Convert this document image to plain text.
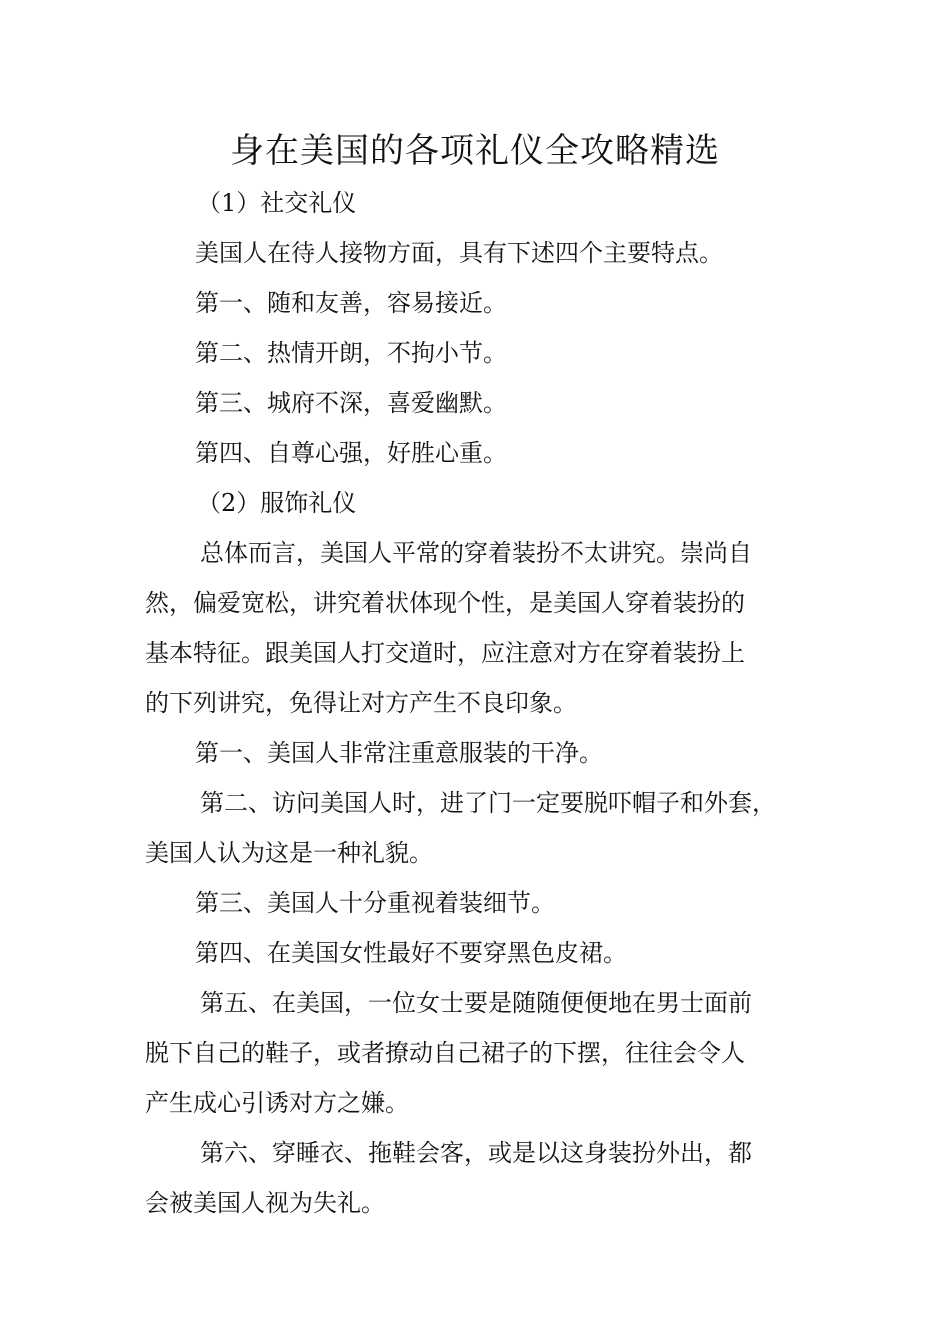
身在美国的各项礼仪全攻略精选

（1）社交礼仪

美国人在待人接物方面，具有下述四个主要特点。

第一、随和友善，容易接近。

第二、热情开朗，不拘小节。

第三、城府不深，喜爱幽默。

第四、自尊心强，好胜心重。

（2）服饰礼仪

总体而言，美国人平常的穿着装扮不太讲究。崇尚自

然，偏爱宽松，讲究着状体现个性，是美国人穿着装扮的

基本特征。跟美国人打交道时，应注意对方在穿着装扮上

的下列讲究，免得让对方产生不良印象。

第一、美国人非常注重意服装的干净。

第二、访问美国人时，进了门一定要脱吓帽子和外套，

美国人认为这是一种礼貌。

第三、美国人十分重视着装细节。

第四、在美国女性最好不要穿黑色皮裙。

第五、在美国，一位女士要是随随便便地在男士面前

脱下自己的鞋子，或者撩动自己裙子的下摆，往往会令人

产生成心引诱对方之嫌。

第六、穿睡衣、拖鞋会客，或是以这身装扮外出，都

会被美国人视为失礼。
